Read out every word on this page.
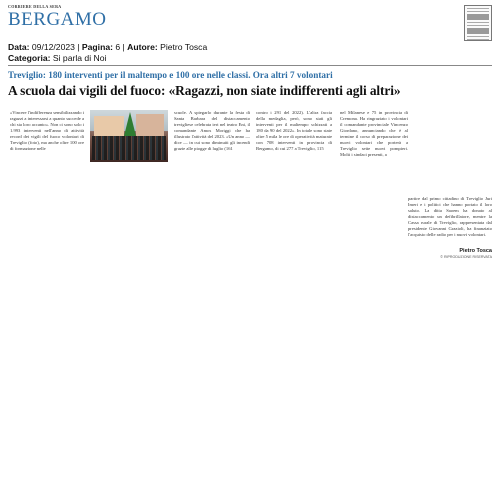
CORRIERE DELLA SERA
BERGAMO
Data: 09/12/2023 | Pagina: 6 | Autore: Pietro Tosca
Categoria: Si parla di Noi
Treviglio: 180 interventi per il maltempo e 100 ore nelle classi. Ora altri 7 volontari
A scuola dai vigili del fuoco: «Ragazzi, non siate indifferenti agli altri»
«Vincere l'indifferenza sensibilizzando i ragazzi a interessarsi a quanto succede a chi sta loro accanto». Non ci sono solo i 1.993 interventi nell'anno di attività record dei vigili del fuoco volontari di Treviglio (foto), ma anche oltre 100 ore di formazione nelle
scuole. A spiegarlo durante la festa di Santa Barbara del distaccamento trevigliese celebrata ieri nel teatro Eni, il comandante Amos Moriggi che ha illustrato l'attività del 2023. «Un anno — dice — in cui sono diminuiti gli incendi grazie alle piogge di luglio (161
contro i 291 del 2022). L'altra faccia della medaglia, però, sono stati gli interventi per il maltempo schizzati a 180 da 90 del 2022». In totale sono state oltre 5 mila le ore di operatività maturate con 708 interventi in provincia di Bergamo, di cui 277 a Treviglio, 115
nel Milanese e 75 in provincia di Cremona. Ha ringraziato i volontari il comandante provinciale Vincenzo Giordano, annunciando che è al termine il corso di preparazione dei nuovi volontari che porterà a Treviglio sette nuovi pompieri. Molti i sindaci presenti, a
partire dal primo cittadino di Treviglio Juri Imeri e i politici che hanno portato il loro saluto. La ditta Saoem ha donato al distaccamento un defibrillatore, mentre la Cassa rurale di Treviglio, rappresentata dal presidente Giovanni Grazioli, ha finanziato l'acquisto delle radio per i nuovi volontari.
Pietro Tosca
© RIPRODUZIONE RISERVATA
